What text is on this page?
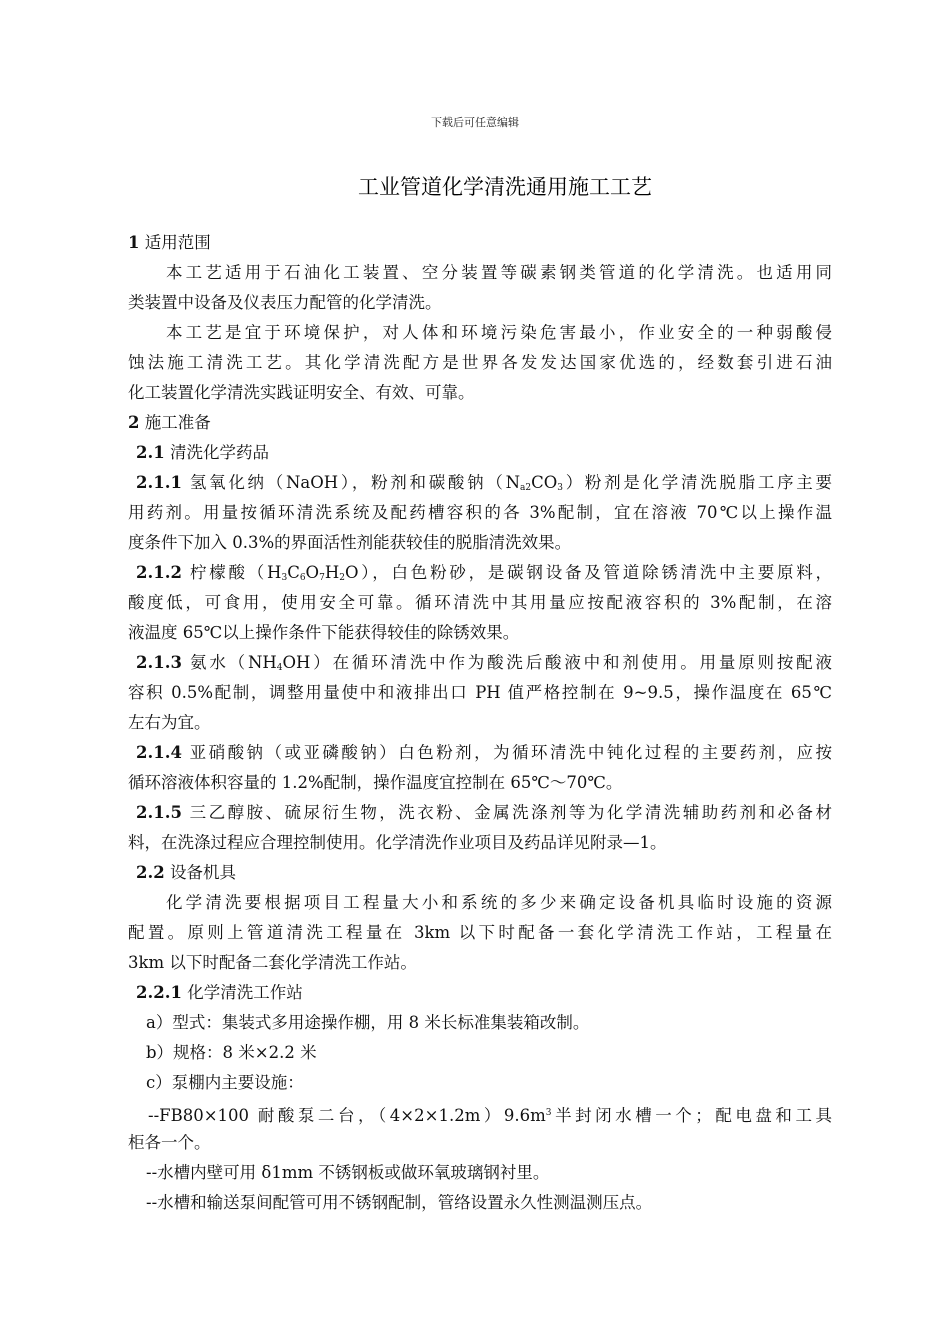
下载后可任意编辑
工业管道化学清洗通用施工工艺
1 适用范围
本工艺适用于石油化工装置、空分装置等碳素钢类管道的化学清洗。也适用同
类装置中设备及仪表压力配管的化学清洗。
本工艺是宜于环境保护，对人体和环境污染危害最小，作业安全的一种弱酸侵
蚀法施工清洗工艺。其化学清洗配方是世界各发发达国家优选的，经数套引进石油
化工装置化学清洗实践证明安全、有效、可靠。
2 施工准备
2.1 清洗化学药品
2.1.1 氢氧化纳（NaOH），粉剂和碳酸钠$(N_{a2}CO_3)$粉剂是化学清洗脱脂工序主要
用药剂。用量按循环清洗系统及配药槽容积的各 3%配制，宜在溶液 70℃以上操作温
度条件下加入 0.3%的界面活性剂能获较佳的脱脂清洗效果。
2.1.2 柠檬酸$(H_3C_6O_7H_2O)$，白色粉砂，是碳钢设备及管道除锈清洗中主要原料，
酸度低，可食用，使用安全可靠。循环清洗中其用量应按配液容积的 3%配制，在溶
液温度 65℃以上操作条件下能获得较佳的除锈效果。
2.1.3 氨水$(NH_4OH)$在循环清洗中作为酸洗后酸液中和剂使用。用量原则按配液
容积 0.5%配制，调整用量使中和液排出口 PH 值严格控制在 9~9.5，操作温度在 65℃
左右为宜。
2.1.4 亚硝酸钠（或亚磷酸钠）白色粉剂，为循环清洗中钝化过程的主要药剂，应按
循环溶液体积容量的 1.2%配制，操作温度宜控制在 65℃～70℃。
2.1.5 三乙醇胺、硫尿衍生物，洗衣粉、金属洗涤剂等为化学清洗辅助药剂和必备材
料，在洗涤过程应合理控制使用。化学清洗作业项目及药品详见附录—1。
2.2 设备机具
化学清洗要根据项目工程量大小和系统的多少来确定设备机具临时设施的资源
配置。原则上管道清洗工程量在 3km 以下时配备一套化学清洗工作站，工程量在
3km 以下时配备二套化学清洗工作站。
2.2.1 化学清洗工作站
a）型式：集装式多用途操作棚，用 8 米长标准集装箱改制。
b）规格：8 米×2.2 米
c）泵棚内主要设施：
--FB80×100 耐酸泵二台，$(4\times 2\times 1.2m)9.6m^3$半封闭水槽一个；配电盘和工具
柜各一个。
--水槽内壁可用 δ1mm 不锈钢板或做环氧玻璃钢衬里。
--水槽和输送泵间配管可用不锈钢配制，管络设置永久性测温测压点。
